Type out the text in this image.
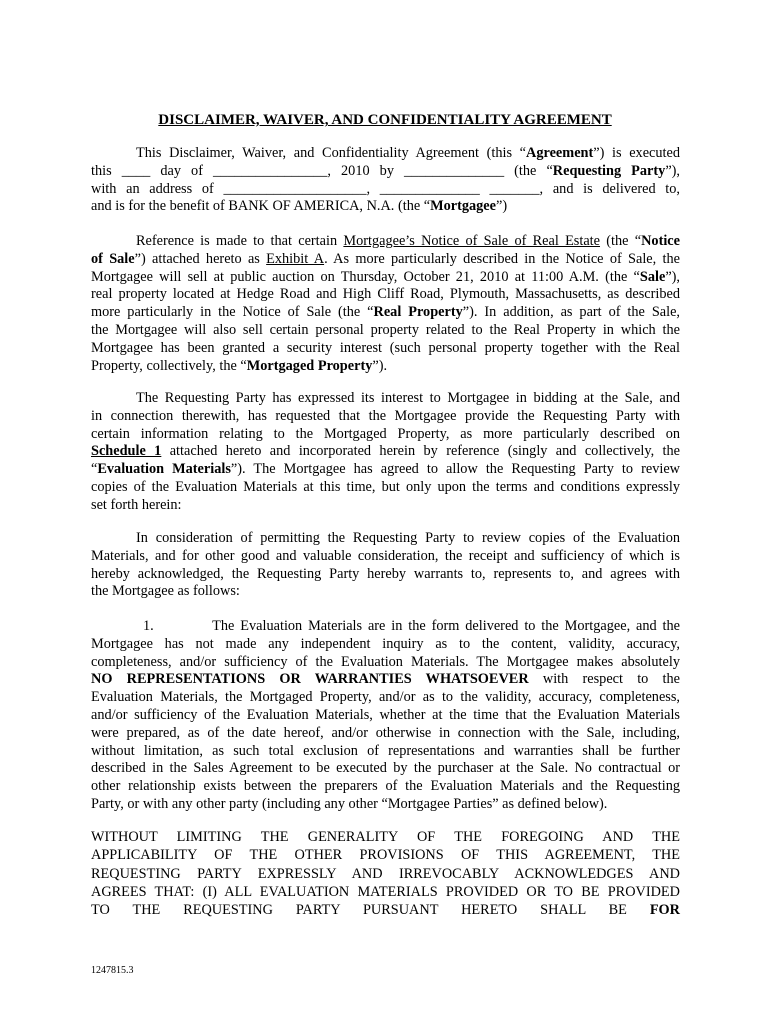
DISCLAIMER, WAIVER, AND CONFIDENTIALITY AGREEMENT
This Disclaimer, Waiver, and Confidentiality Agreement (this “Agreement”) is executed
this ____ day of ________________, 2010 by ______________ (the “Requesting Party”),
with an address of ____________________, ______________ _______, and is delivered to,
and is for the benefit of BANK OF AMERICA, N.A. (the “Mortgagee”)
Reference is made to that certain Mortgagee’s Notice of Sale of Real Estate (the “Notice
of Sale”) attached hereto as Exhibit A. As more particularly described in the Notice of Sale, the
Mortgagee will sell at public auction on Thursday, October 21, 2010 at 11:00 A.M. (the “Sale”),
real property located at Hedge Road and High Cliff Road, Plymouth, Massachusetts, as described
more particularly in the Notice of Sale (the “Real Property”). In addition, as part of the Sale,
the Mortgagee will also sell certain personal property related to the Real Property in which the
Mortgagee has been granted a security interest (such personal property together with the Real
Property, collectively, the “Mortgaged Property”).
The Requesting Party has expressed its interest to Mortgagee in bidding at the Sale, and
in connection therewith, has requested that the Mortgagee provide the Requesting Party with
certain information relating to the Mortgaged Property, as more particularly described on
Schedule 1 attached hereto and incorporated herein by reference (singly and collectively, the
“Evaluation Materials”). The Mortgagee has agreed to allow the Requesting Party to review
copies of the Evaluation Materials at this time, but only upon the terms and conditions expressly
set forth herein:
In consideration of permitting the Requesting Party to review copies of the Evaluation
Materials, and for other good and valuable consideration, the receipt and sufficiency of which is
hereby acknowledged, the Requesting Party hereby warrants to, represents to, and agrees with
the Mortgagee as follows:
1.          The Evaluation Materials are in the form delivered to the Mortgagee, and the
Mortgagee has not made any independent inquiry as to the content, validity, accuracy,
completeness, and/or sufficiency of the Evaluation Materials. The Mortgagee makes absolutely
NO REPRESENTATIONS OR WARRANTIES WHATSOEVER with respect to the
Evaluation Materials, the Mortgaged Property, and/or as to the validity, accuracy, completeness,
and/or sufficiency of the Evaluation Materials, whether at the time that the Evaluation Materials
were prepared, as of the date hereof, and/or otherwise in connection with the Sale, including,
without limitation, as such total exclusion of representations and warranties shall be further
described in the Sales Agreement to be executed by the purchaser at the Sale. No contractual or
other relationship exists between the preparers of the Evaluation Materials and the Requesting
Party, or with any other party (including any other “Mortgagee Parties” as defined below).
WITHOUT LIMITING THE GENERALITY OF THE FOREGOING AND THE
APPLICABILITY OF THE OTHER PROVISIONS OF THIS AGREEMENT, THE
REQUESTING PARTY EXPRESSLY AND IRREVOCABLY ACKNOWLEDGES AND
AGREES THAT: (I) ALL EVALUATION MATERIALS PROVIDED OR TO BE PROVIDED
TO THE REQUESTING PARTY PURSUANT HERETO SHALL BE FOR
1247815.3
